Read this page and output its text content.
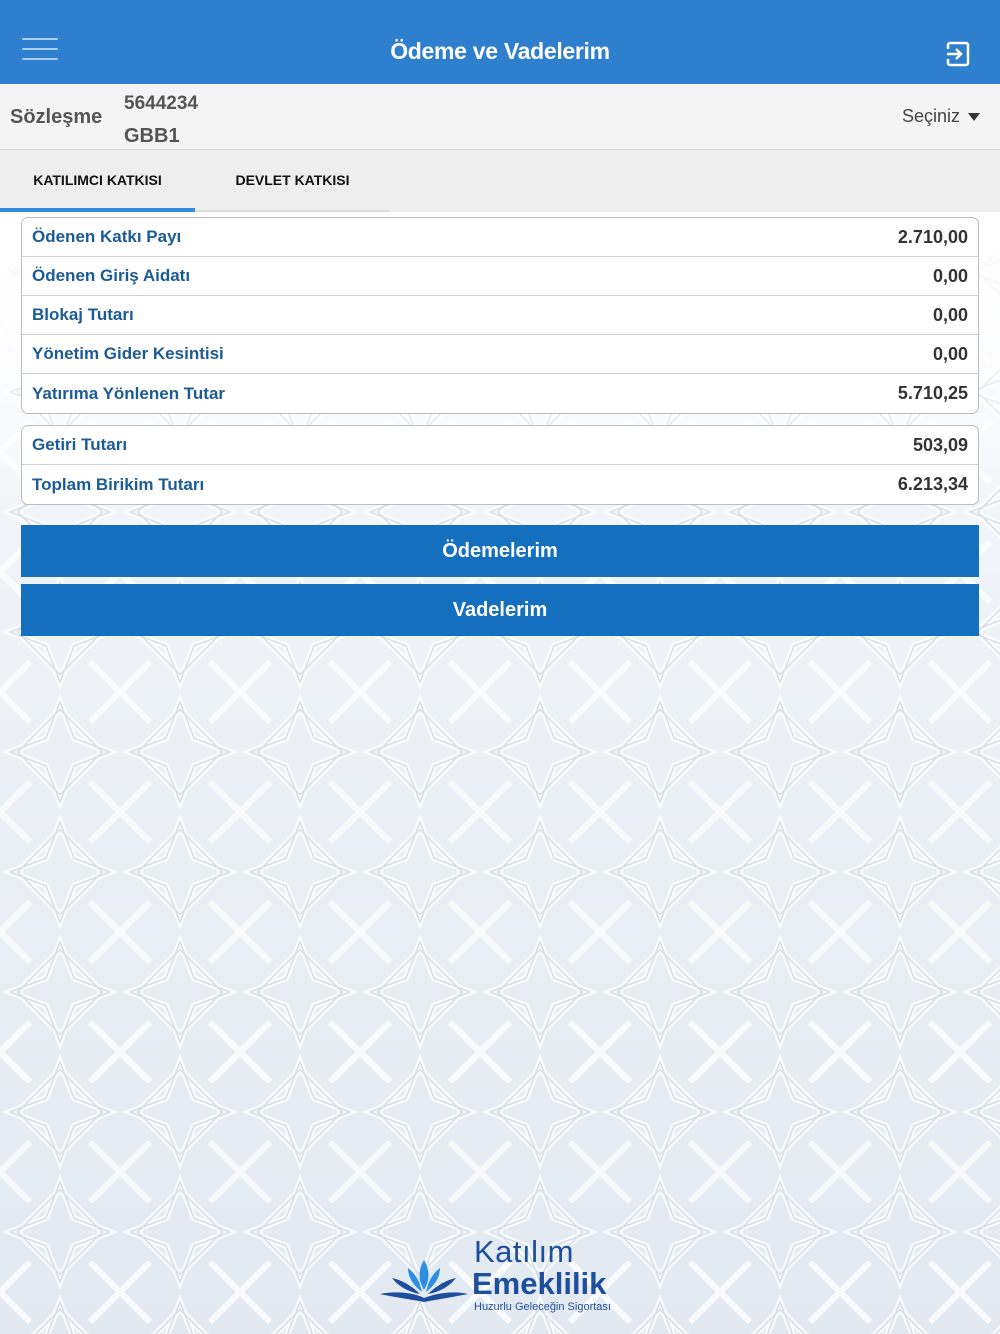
Ödeme ve Vadelerim
Sözleşme
5644234
GBB1
Seçiniz
KATILIMCI KATKISI	DEVLET KATKISI
Ödenen Katkı Payı	2.710,00
Ödenen Giriş Aidatı	0,00
Blokaj Tutarı	0,00
Yönetim Gider Kesintisi	0,00
Yatırıma Yönlenen Tutar	5.710,25
Getiri Tutarı	503,09
Toplam Birikim Tutarı	6.213,34
Ödemelerim
Vadelerim
Katılım
Emeklilik
Huzurlu Geleceğin Sigortası
